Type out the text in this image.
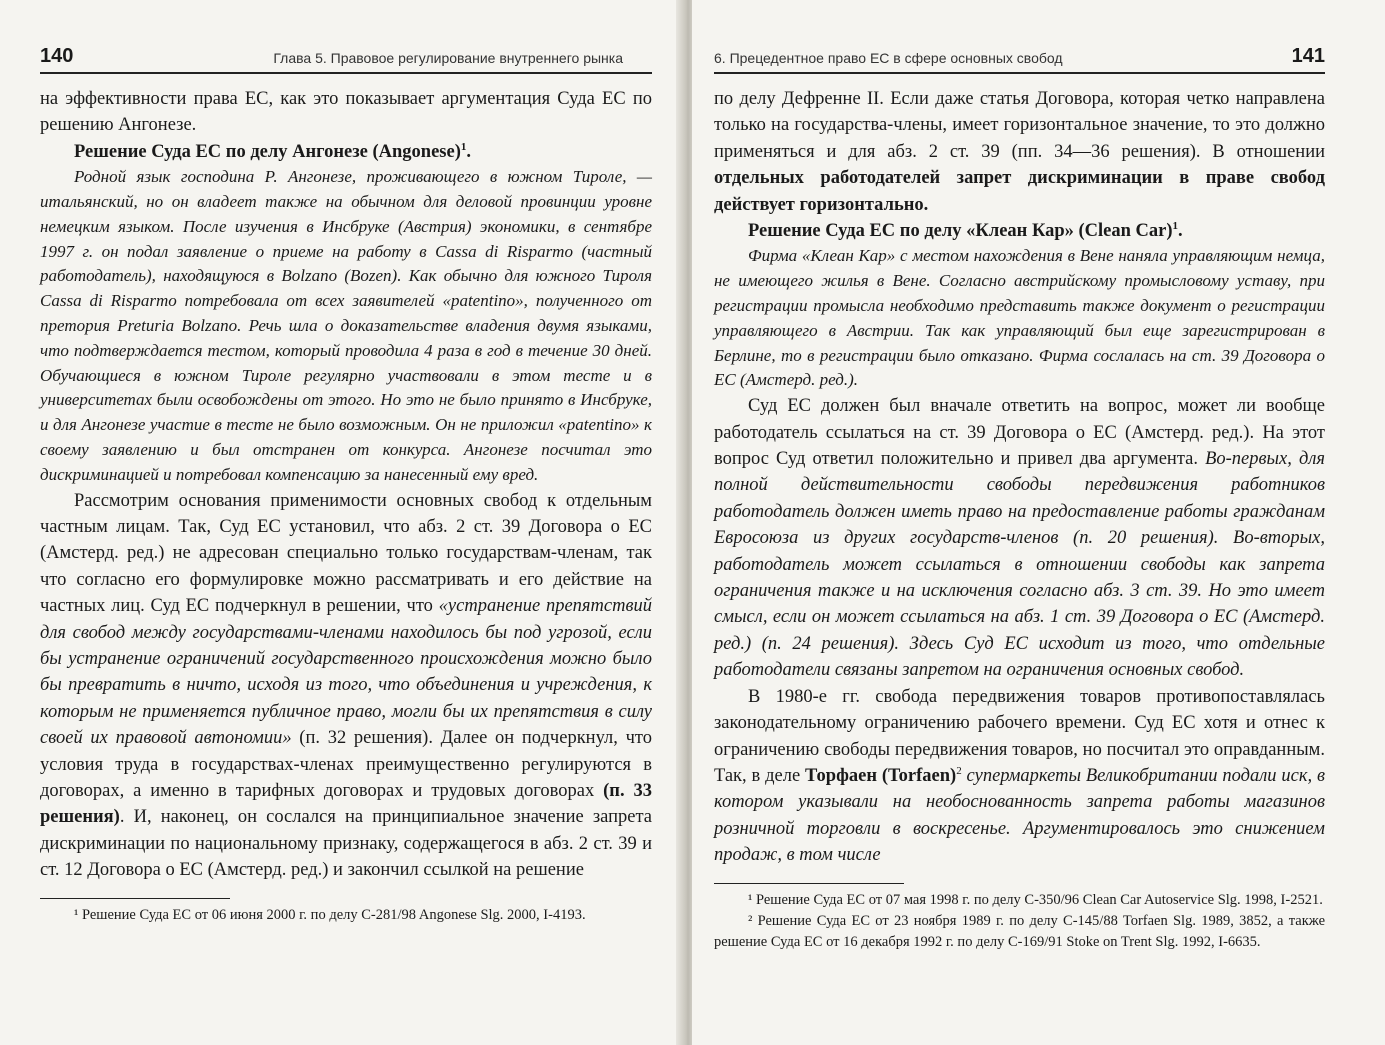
140	Глава 5. Правовое регулирование внутреннего рынка

на эффективности права ЕС, как это показывает аргументация Суда ЕС по решению Ангонезе.

Решение Суда ЕС по делу Ангонезе (Angonese)$^1$.

Родной язык господина Р. Ангонезе, проживающего в южном Тироле, — итальянский, но он владеет также на обычном для деловой провинции уровне немецким языком. После изучения в Инсбруке (Австрия) экономики, в сентябре 1997 г. он подал заявление о приеме на работу в Cassa di Risparmo (частный работодатель), находящуюся в Bolzano (Bozen). Как обычно для южного Тироля Cassa di Risparmo потребовала от всех заявителей «patentino», полученного от претория Preturia Bolzano. Речь шла о доказательстве владения двумя языками, что подтверждается тестом, который проводила 4 раза в год в течение 30 дней. Обучающиеся в южном Тироле регулярно участвовали в этом тесте и в университетах были освобождены от этого. Но это не было принято в Инсбруке, и для Ангонезе участие в тесте не было возможным. Он не приложил «patentino» к своему заявлению и был отстранен от конкурса. Ангонезе посчитал это дискриминацией и потребовал компенсацию за нанесенный ему вред.

Рассмотрим основания применимости основных свобод к отдельным частным лицам. Так, Суд ЕС установил, что абз. 2 ст. 39 Договора о ЕС (Амстерд. ред.) не адресован специально только государствам-членам, так что согласно его формулировке можно рассматривать и его действие на частных лиц. Суд ЕС подчеркнул в решении, что «устранение препятствий для свобод между государствами-членами находилось бы под угрозой, если бы устранение ограничений государственного происхождения можно было бы превратить в ничто, исходя из того, что объединения и учреждения, к которым не применяется публичное право, могли бы их препятствия в силу своей их правовой автономии» (п. 32 решения). Далее он подчеркнул, что условия труда в государствах-членах преимущественно регулируются в договорах, а именно в тарифных договорах и трудовых договорах (п. 33 решения). И, наконец, он сослался на принципиальное значение запрета дискриминации по национальному признаку, содержащегося в абз. 2 ст. 39 и ст. 12 Договора о ЕС (Амстерд. ред.) и закончил ссылкой на решение

¹ Решение Суда ЕС от 06 июня 2000 г. по делу C-281/98 Angonese Slg. 2000, I-4193.

6. Прецедентное право ЕС в сфере основных свобод	141

по делу Дефренне II. Если даже статья Договора, которая четко направлена только на государства-члены, имеет горизонтальное значение, то это должно применяться и для абз. 2 ст. 39 (пп. 34—36 решения). В отношении отдельных работодателей запрет дискриминации в праве свобод действует горизонтально.

Решение Суда ЕС по делу «Клеан Кар» (Clean Car)$^1$.

Фирма «Клеан Кар» с местом нахождения в Вене наняла управляющим немца, не имеющего жилья в Вене. Согласно австрийскому промысловому уставу, при регистрации промысла необходимо представить также документ о регистрации управляющего в Австрии. Так как управляющий был еще зарегистрирован в Берлине, то в регистрации было отказано. Фирма сослалась на ст. 39 Договора о ЕС (Амстерд. ред.).

Суд ЕС должен был вначале ответить на вопрос, может ли вообще работодатель ссылаться на ст. 39 Договора о ЕС (Амстерд. ред.). На этот вопрос Суд ответил положительно и привел два аргумента. Во-первых, для полной действительности свободы передвижения работников работодатель должен иметь право на предоставление работы гражданам Евросоюза из других государств-членов (п. 20 решения). Во-вторых, работодатель может ссылаться в отношении свободы как запрета ограничения также и на исключения согласно абз. 3 ст. 39. Но это имеет смысл, если он может ссылаться на абз. 1 ст. 39 Договора о ЕС (Амстерд. ред.) (п. 24 решения). Здесь Суд ЕС исходит из того, что отдельные работодатели связаны запретом на ограничения основных свобод.

В 1980-е гг. свобода передвижения товаров противопоставлялась законодательному ограничению рабочего времени. Суд ЕС хотя и отнес к ограничению свободы передвижения товаров, но посчитал это оправданным. Так, в деле Торфаен (Torfaen)$^2$ супермаркеты Великобритании подали иск, в котором указывали на необоснованность запрета работы магазинов розничной торговли в воскресенье. Аргументировалось это снижением продаж, в том числе

¹ Решение Суда ЕС от 07 мая 1998 г. по делу C-350/96 Clean Car Autoservice Slg. 1998, I-2521.

² Решение Суда ЕС от 23 ноября 1989 г. по делу C-145/88 Torfaen Slg. 1989, 3852, а также решение Суда ЕС от 16 декабря 1992 г. по делу C-169/91 Stoke on Trent Slg. 1992, I-6635.
